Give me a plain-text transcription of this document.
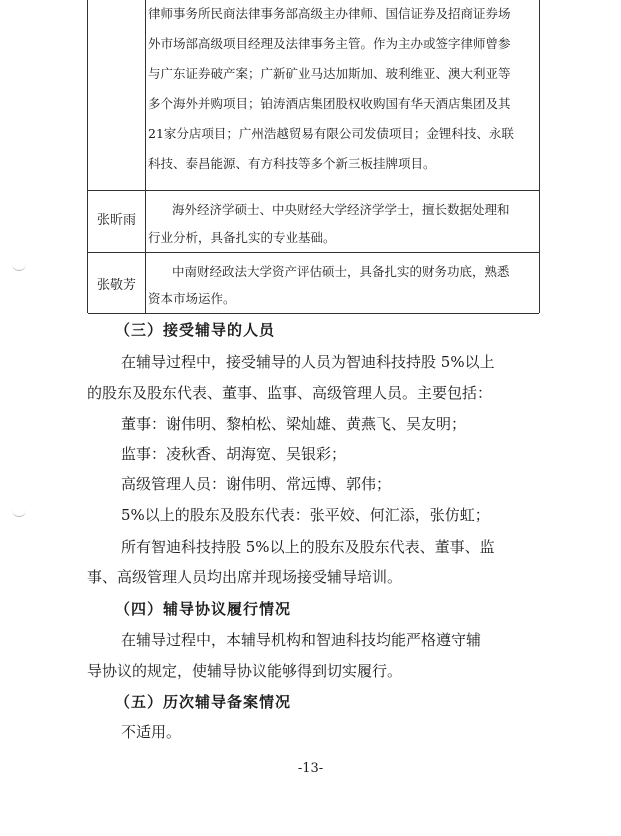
律师事务所民商法律事务部高级主办律师、国信证券及招商证券场
外市场部高级项目经理及法律事务主管。作为主办或签字律师曾参
与广东证券破产案；广新矿业马达加斯加、玻利维亚、澳大利亚等
多个海外并购项目；铂涛酒店集团股权收购国有华天酒店集团及其
21家分店项目；广州浩越贸易有限公司发债项目；金锂科技、永联
科技、泰昌能源、有方科技等多个新三板挂牌项目。
张昕雨
海外经济学硕士、中央财经大学经济学学士，擅长数据处理和
行业分析，具备扎实的专业基础。
张敬芳
中南财经政法大学资产评估硕士，具备扎实的财务功底，熟悉
资本市场运作。
（三）接受辅导的人员
在辅导过程中，接受辅导的人员为智迪科技持股 5%以上
的股东及股东代表、董事、监事、高级管理人员。主要包括：
董事：谢伟明、黎柏松、梁灿雄、黄燕飞、吴友明；
监事：凌秋香、胡海宽、吴银彩；
高级管理人员：谢伟明、常远博、郭伟；
5%以上的股东及股东代表：张平姣、何汇添，张仿虹；
所有智迪科技持股 5%以上的股东及股东代表、董事、监
事、高级管理人员均出席并现场接受辅导培训。
（四）辅导协议履行情况
在辅导过程中，本辅导机构和智迪科技均能严格遵守辅
导协议的规定，使辅导协议能够得到切实履行。
（五）历次辅导备案情况
不适用。
-13-
